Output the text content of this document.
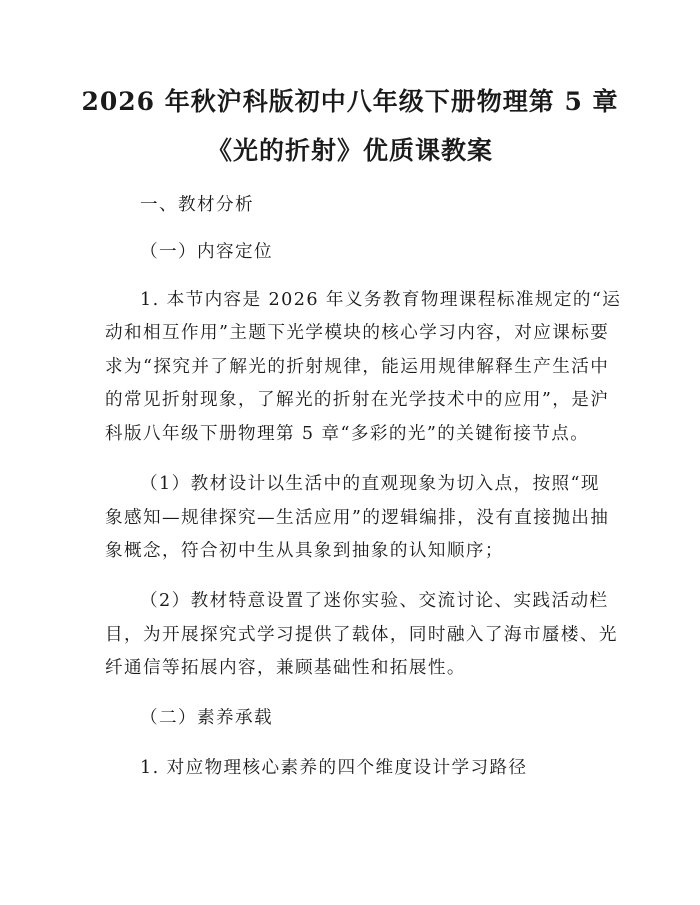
2026 年秋沪科版初中八年级下册物理第 5 章
《光的折射》优质课教案
一、教材分析
（一）内容定位
1. 本节内容是 2026 年义务教育物理课程标准规定的“运
动和相互作用”主题下光学模块的核心学习内容，对应课标要
求为“探究并了解光的折射规律，能运用规律解释生产生活中
的常见折射现象，了解光的折射在光学技术中的应用”，是沪
科版八年级下册物理第 5 章“多彩的光”的关键衔接节点。
（1）教材设计以生活中的直观现象为切入点，按照“现
象感知—规律探究—生活应用”的逻辑编排，没有直接抛出抽
象概念，符合初中生从具象到抽象的认知顺序；
（2）教材特意设置了迷你实验、交流讨论、实践活动栏
目，为开展探究式学习提供了载体，同时融入了海市蜃楼、光
纤通信等拓展内容，兼顾基础性和拓展性。
（二）素养承载
1. 对应物理核心素养的四个维度设计学习路径
